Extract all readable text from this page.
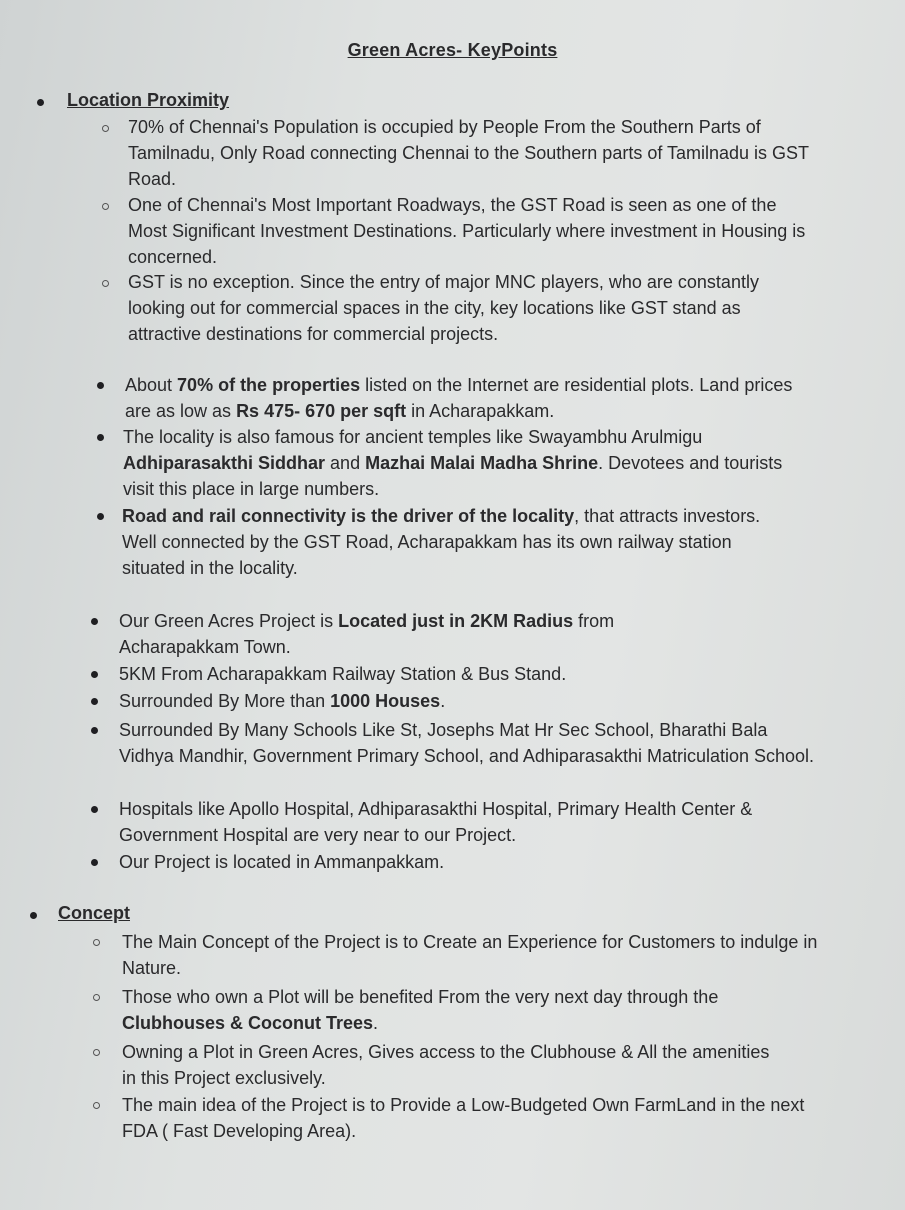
Green Acres- KeyPoints
Location Proximity

70% of Chennai's Population is occupied by People From the Southern Parts of Tamilnadu, Only Road connecting Chennai to the Southern parts of Tamilnadu is GST Road.

One of Chennai's Most Important Roadways, the GST Road is seen as one of the Most Significant Investment Destinations. Particularly where investment in Housing is concerned.

GST is no exception. Since the entry of major MNC players, who are constantly looking out for commercial spaces in the city, key locations like GST stand as attractive destinations for commercial projects.

About 70% of the properties listed on the Internet are residential plots. Land prices are as low as Rs 475- 670 per sqft in Acharapakkam.

The locality is also famous for ancient temples like Swayambhu Arulmigu Adhiparasakthi Siddhar and Mazhai Malai Madha Shrine. Devotees and tourists visit this place in large numbers.

Road and rail connectivity is the driver of the locality, that attracts investors. Well connected by the GST Road, Acharapakkam has its own railway station situated in the locality.

Our Green Acres Project is Located just in 2KM Radius from Acharapakkam Town.

5KM From Acharapakkam Railway Station & Bus Stand.

Surrounded By More than 1000 Houses.

Surrounded By Many Schools Like St, Josephs Mat Hr Sec School, Bharathi Bala Vidhya Mandhir, Government Primary School, and Adhiparasakthi Matriculation School.

Hospitals like Apollo Hospital, Adhiparasakthi Hospital, Primary Health Center & Government Hospital are very near to our Project.

Our Project is located in Ammanpakkam.

Concept

The Main Concept of the Project is to Create an Experience for Customers to indulge in Nature.

Those who own a Plot will be benefited From the very next day through the Clubhouses & Coconut Trees.

Owning a Plot in Green Acres, Gives access to the Clubhouse & All the amenities in this Project exclusively.

The main idea of the Project is to Provide a Low-Budgeted Own FarmLand in the next FDA ( Fast Developing Area).
